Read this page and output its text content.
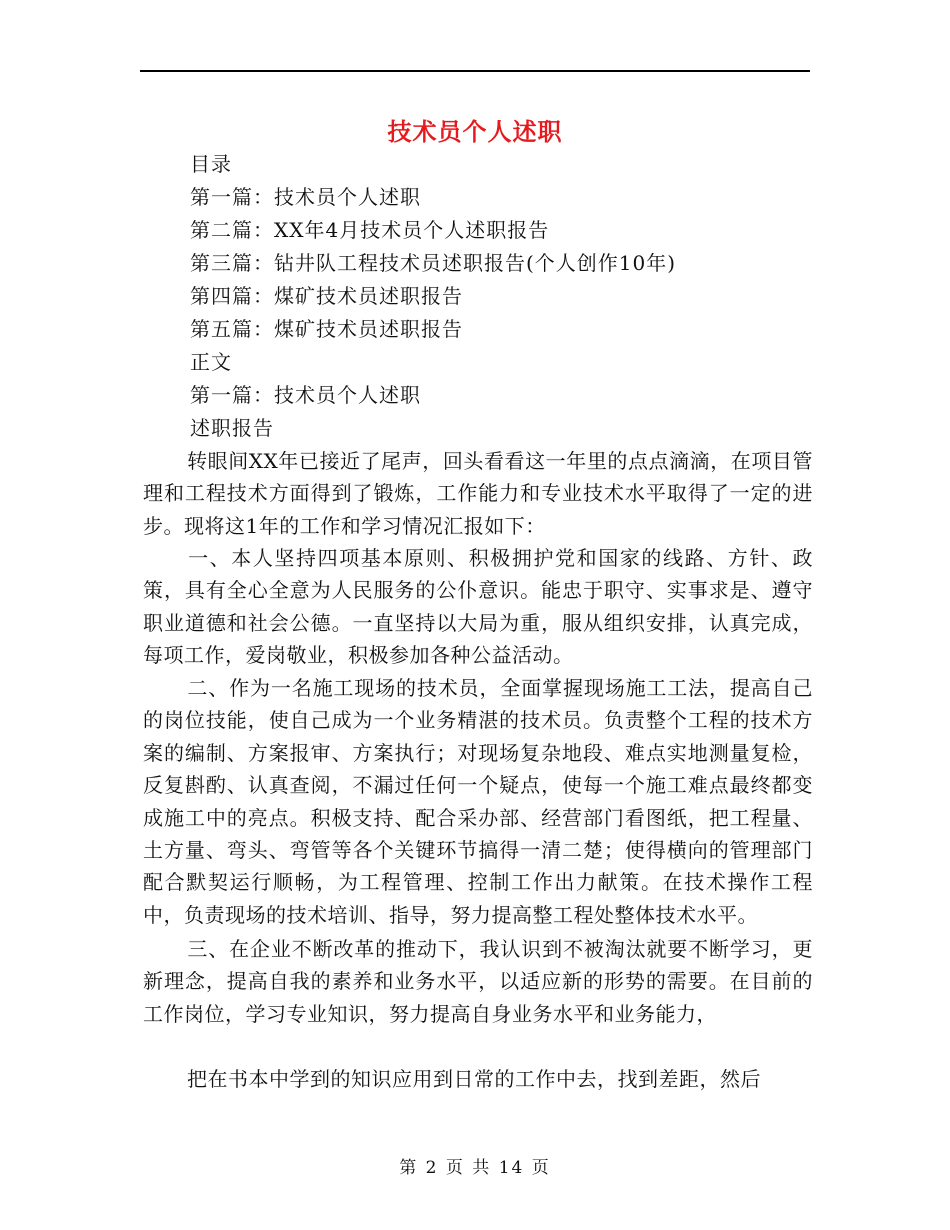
技术员个人述职
目录
第一篇：技术员个人述职
第二篇：XX年4月技术员个人述职报告
第三篇：钻井队工程技术员述职报告(个人创作10年)
第四篇：煤矿技术员述职报告
第五篇：煤矿技术员述职报告
正文
第一篇：技术员个人述职
述职报告
转眼间XX年已接近了尾声，回头看看这一年里的点点滴滴，在项目管理和工程技术方面得到了锻炼，工作能力和专业技术水平取得了一定的进步。现将这1年的工作和学习情况汇报如下：
一、本人坚持四项基本原则、积极拥护党和国家的线路、方针、政策，具有全心全意为人民服务的公仆意识。能忠于职守、实事求是、遵守职业道德和社会公德。一直坚持以大局为重，服从组织安排，认真完成，每项工作，爱岗敬业，积极参加各种公益活动。
二、作为一名施工现场的技术员，全面掌握现场施工工法，提高自己的岗位技能，使自己成为一个业务精湛的技术员。负责整个工程的技术方案的编制、方案报审、方案执行；对现场复杂地段、难点实地测量复检，反复斟酌、认真查阅，不漏过任何一个疑点，使每一个施工难点最终都变成施工中的亮点。积极支持、配合采办部、经营部门看图纸，把工程量、土方量、弯头、弯管等各个关键环节搞得一清二楚；使得横向的管理部门配合默契运行顺畅，为工程管理、控制工作出力献策。在技术操作工程中，负责现场的技术培训、指导，努力提高整工程处整体技术水平。
三、在企业不断改革的推动下，我认识到不被淘汰就要不断学习，更新理念，提高自我的素养和业务水平，以适应新的形势的需要。在目前的工作岗位，学习专业知识，努力提高自身业务水平和业务能力，
把在书本中学到的知识应用到日常的工作中去，找到差距，然后
第 2 页 共 14 页
